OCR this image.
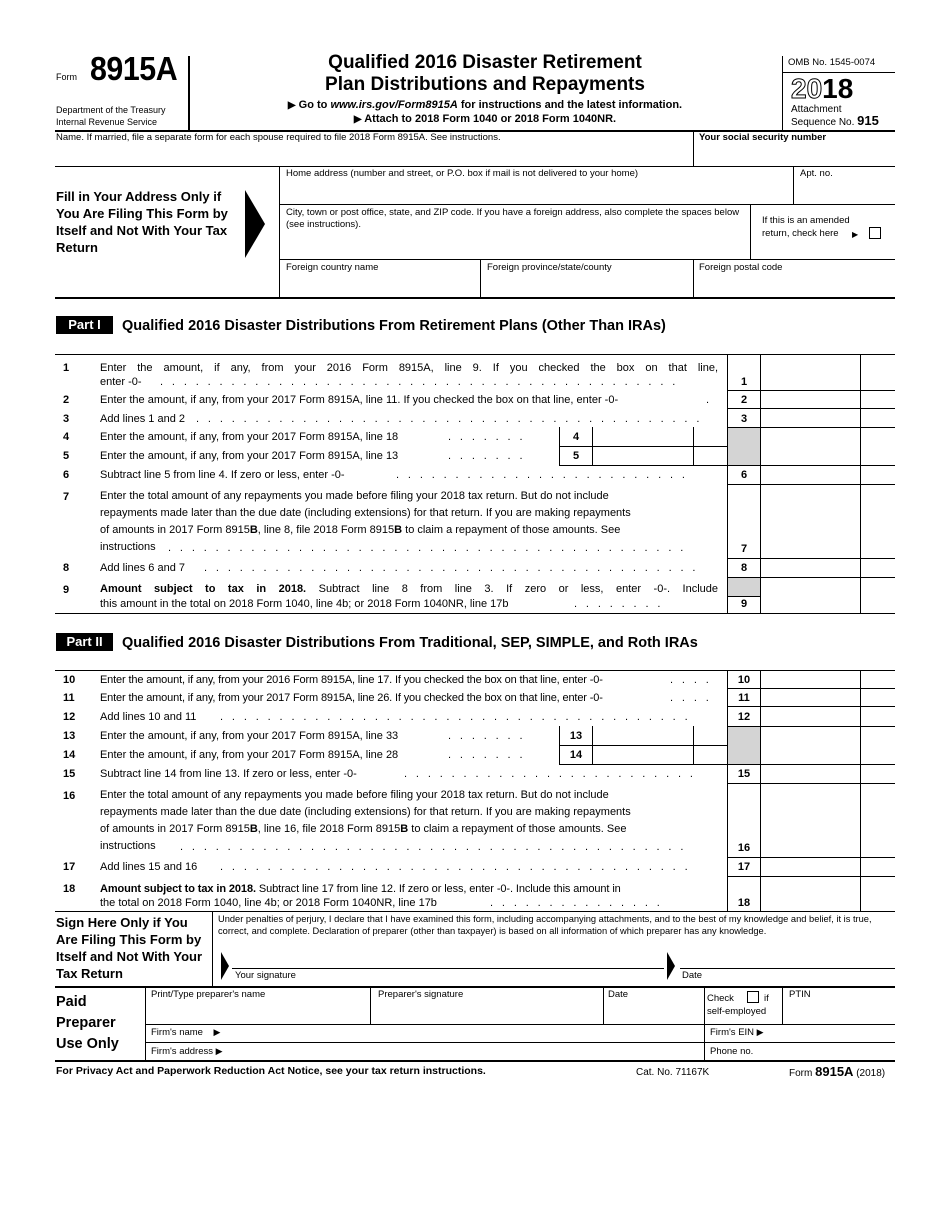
Form 8915A
Department of the Treasury
Internal Revenue Service
Qualified 2016 Disaster Retirement
Plan Distributions and Repayments
▶ Go to www.irs.gov/Form8915A for instructions and the latest information.
▶ Attach to 2018 Form 1040 or 2018 Form 1040NR.
OMB No. 1545-0074
2018
Attachment
Sequence No. 915
Name. If married, file a separate form for each spouse required to file 2018 Form 8915A. See instructions.	Your social security number
Fill in Your Address Only if You Are Filing This Form by Itself and Not With Your Tax Return
Home address (number and street, or P.O. box if mail is not delivered to your home)	Apt. no.
City, town or post office, state, and ZIP code. If you have a foreign address, also complete the spaces below (see instructions).	If this is an amended return, check here	▶
Foreign country name	Foreign province/state/county	Foreign postal code
Part I	Qualified 2016 Disaster Distributions From Retirement Plans (Other Than IRAs)
1	Enter the amount, if any, from your 2016 Form 8915A, line 9. If you checked the box on that line,
enter -0- . . . . . . . . . . . . . . . . . . . . . . . . . . . . . . . . . . . . . . . . . . . .	1
2	Enter the amount, if any, from your 2017 Form 8915A, line 11. If you checked the box on that line, enter -0-	.	2
3	Add lines 1 and 2 . . . . . . . . . . . . . . . . . . . . . . . . . . . . . . . . . . . . . . . . . . .	3
4	Enter the amount, if any, from your 2017 Form 8915A, line 18	. . . . . . .	4
5	Enter the amount, if any, from your 2017 Form 8915A, line 13	. . . . . . .	5
6	Subtract line 5 from line 4. If zero or less, enter -0-	. . . . . . . . . . . . . . . . . . . . . . . . .	6
7	Enter the total amount of any repayments you made before filing your 2018 tax return. But do not include
repayments made later than the due date (including extensions) for that return. If you are making repayments
of amounts in 2017 Form 8915B, line 8, file 2018 Form 8915B to claim a repayment of those amounts. See
instructions	. . . . . . . . . . . . . . . . . . . . . . . . . . . . . . . . . . . . . . . . . . . .	7
8	Add lines 6 and 7 . . . . . . . . . . . . . . . . . . . . . . . . . . . . . . . . . . . . . . . . . .	8
9	Amount subject to tax in 2018. Subtract line 8 from line 3. If zero or less, enter -0-. Include
this amount in the total on 2018 Form 1040, line 4b; or 2018 Form 1040NR, line 17b	. . . . . . . .	9
Part II	Qualified 2016 Disaster Distributions From Traditional, SEP, SIMPLE, and Roth IRAs
10	Enter the amount, if any, from your 2016 Form 8915A, line 17. If you checked the box on that line, enter -0-	. . . .	10
11	Enter the amount, if any, from your 2017 Form 8915A, line 26. If you checked the box on that line, enter -0-	. . . .	11
12	Add lines 10 and 11 . . . . . . . . . . . . . . . . . . . . . . . . . . . . . . . . . . . . . . . .	12
13	Enter the amount, if any, from your 2017 Form 8915A, line 33	. . . . . . .	13
14	Enter the amount, if any, from your 2017 Form 8915A, line 28	. . . . . . .	14
15	Subtract line 14 from line 13. If zero or less, enter -0-	. . . . . . . . . . . . . . . . . . . . . . . . .	15
16	Enter the total amount of any repayments you made before filing your 2018 tax return. But do not include
repayments made later than the due date (including extensions) for that return. If you are making repayments
of amounts in 2017 Form 8915B, line 16, file 2018 Form 8915B to claim a repayment of those amounts. See
instructions	. . . . . . . . . . . . . . . . . . . . . . . . . . . . . . . . . . . . . . . . . . .	16
17	Add lines 15 and 16 . . . . . . . . . . . . . . . . . . . . . . . . . . . . . . . . . . . . . . . .	17
18	Amount subject to tax in 2018. Subtract line 17 from line 12. If zero or less, enter -0-. Include this amount in
the total on 2018 Form 1040, line 4b; or 2018 Form 1040NR, line 17b	. . . . . . . . . . . . . . .	18
Sign Here Only if You Are Filing This Form by Itself and Not With Your Tax Return
Under penalties of perjury, I declare that I have examined this form, including accompanying attachments, and to the best of my knowledge and belief, it is true, correct, and complete. Declaration of preparer (other than taxpayer) is based on all information of which preparer has any knowledge.
Your signature	Date
Paid
Preparer
Use Only
Print/Type preparer's name	Preparer's signature	Date	Check	if
self-employed
PTIN
Firm's name ▶	Firm's EIN ▶
Firm's address ▶	Phone no.
For Privacy Act and Paperwork Reduction Act Notice, see your tax return instructions.	Cat. No. 71167K	Form 8915A (2018)
